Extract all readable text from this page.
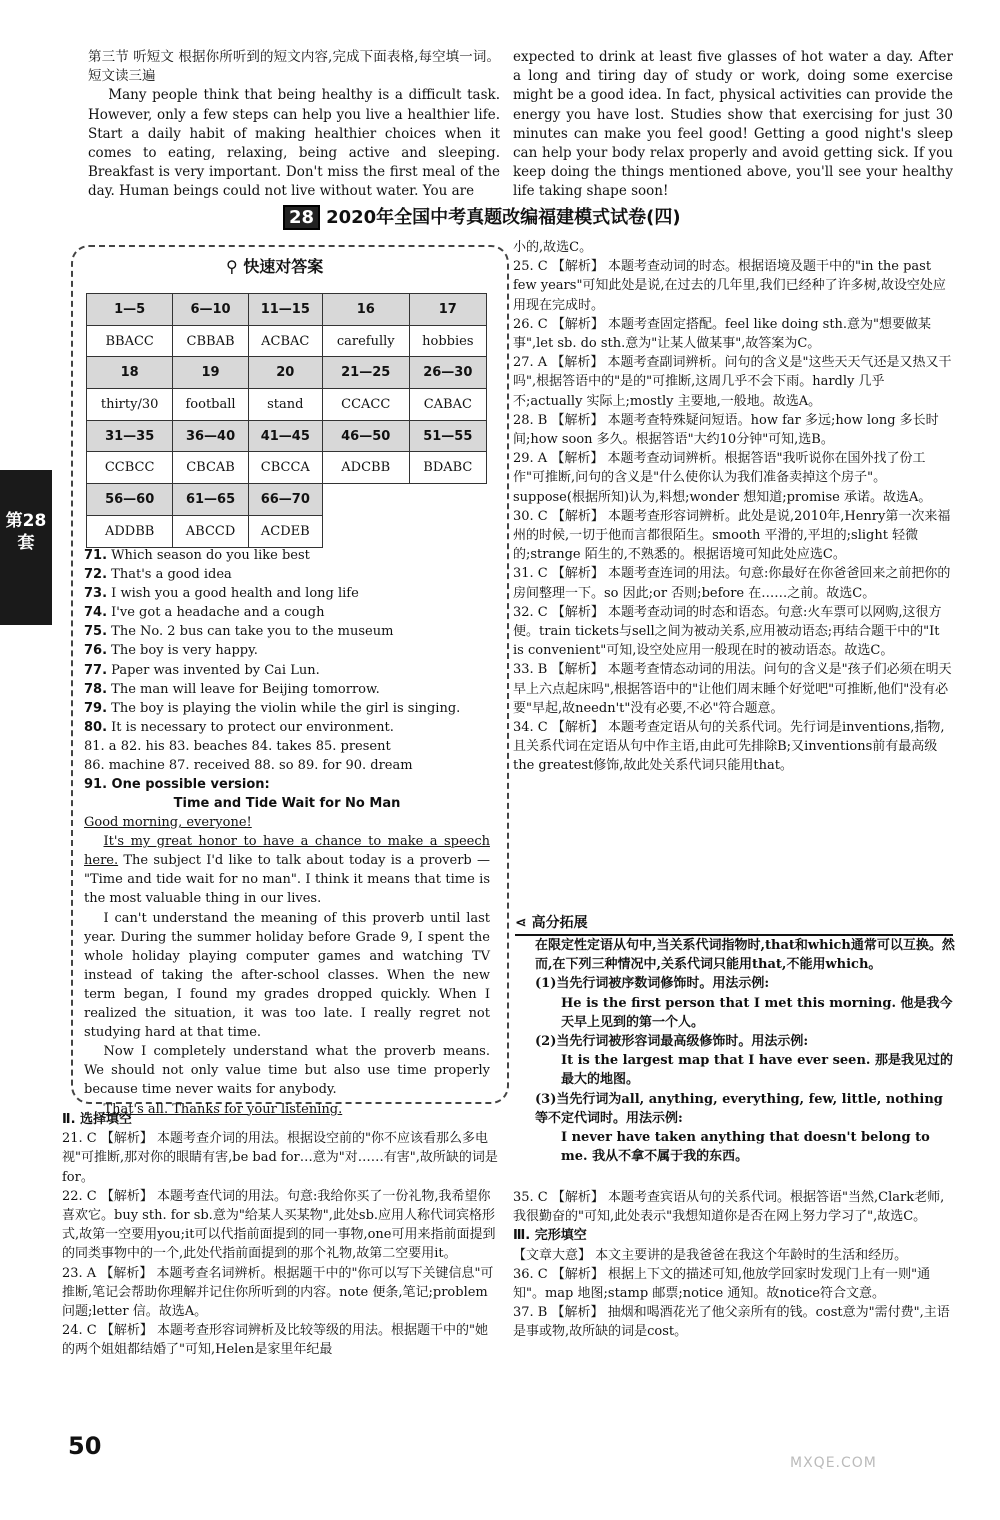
第三节 听短文 根据你所听到的短文内容,完成下面表格,每空填一词。短文读三遍
Many people think that being healthy is a difficult task. However, only a few steps can help you live a healthier life. Start a daily habit of making healthier choices when it comes to eating, relaxing, being active and sleeping. Breakfast is very important. Don't miss the first meal of the day. Human beings could not live without water. You are
expected to drink at least five glasses of hot water a day. After a long and tiring day of study or work, doing some exercise might be a good idea. In fact, physical activities can provide the energy you have lost. Studies show that exercising for just 30 minutes can make you feel good! Getting a good night's sleep can help your body relax properly and avoid getting sick. If you keep doing the things mentioned above, you'll see your healthy life taking shape soon!
28 2020年全国中考真题改编福建模式试卷(四)
⚲ 快速对答案
1—5	6—10	11—15	16	17
BBACC	CBBAB	ACBAC	carefully	hobbies
18	19	20	21—25	26—30
thirty/30	football	stand	CCACC	CABAC
31—35	36—40	41—45	46—50	51—55
CCBCC	CBCAB	CBCCA	ADCBB	BDABC
56—60	61—65	66—70		
ADDBB	ABCCD	ACDEB		
71. Which season do you like best
72. That's a good idea
73. I wish you a good health and long life
74. I've got a headache and a cough
75. The No. 2 bus can take you to the museum
76. The boy is very happy.
77. Paper was invented by Cai Lun.
78. The man will leave for Beijing tomorrow.
79. The boy is playing the violin while the girl is singing.
80. It is necessary to protect our environment.
81. a 82. his 83. beaches 84. takes 85. present
86. machine 87. received 88. so 89. for 90. dream
91. One possible version:
Time and Tide Wait for No Man
Good morning, everyone!
It's my great honor to have a chance to make a speech here. The subject I'd like to talk about today is a proverb — "Time and tide wait for no man". I think it means that time is the most valuable thing in our lives.
I can't understand the meaning of this proverb until last year. During the summer holiday before Grade 9, I spent the whole holiday playing computer games and watching TV instead of taking the after-school classes. When the new term began, I found my grades dropped quickly. When I realized the situation, it was too late. I really regret not studying hard at that time.
Now I completely understand what the proverb means. We should not only value time but also use time properly because time never waits for anybody.
That's all. Thanks for your listening.
Ⅱ. 选择填空
21. C 【解析】 本题考查介词的用法。根据设空前的"你不应该看那么多电视"可推断,那对你的眼睛有害,be bad for…意为"对……有害",故所缺的词是for。
22. C 【解析】 本题考查代词的用法。句意:我给你买了一份礼物,我希望你喜欢它。buy sth. for sb.意为"给某人买某物",此处sb.应用人称代词宾格形式,故第一空要用you;it可以代指前面提到的同一事物,one可用来指前面提到的同类事物中的一个,此处代指前面提到的那个礼物,故第二空要用it。
23. A 【解析】 本题考查名词辨析。根据题干中的"你可以写下关键信息"可推断,笔记会帮助你理解并记住你所听到的内容。note 便条,笔记;problem 问题;letter 信。故选A。
24. C 【解析】 本题考查形容词辨析及比较等级的用法。根据题干中的"她的两个姐姐都结婚了"可知,Helen是家里年纪最
小的,故选C。
25. C 【解析】 本题考查动词的时态。根据语境及题干中的"in the past few years"可知此处是说,在过去的几年里,我们已经种了许多树,故设空处应用现在完成时。
26. C 【解析】 本题考查固定搭配。feel like doing sth.意为"想要做某事",let sb. do sth.意为"让某人做某事",故答案为C。
27. A 【解析】 本题考查副词辨析。问句的含义是"这些天天气还是又热又干吗",根据答语中的"是的"可推断,这周几乎不会下雨。hardly 几乎不;actually 实际上;mostly 主要地,一般地。故选A。
28. B 【解析】 本题考查特殊疑问短语。how far 多远;how long 多长时间;how soon 多久。根据答语"大约10分钟"可知,选B。
29. A 【解析】 本题考查动词辨析。根据答语"我听说你在国外找了份工作"可推断,问句的含义是"什么使你认为我们准备卖掉这个房子"。suppose(根据所知)认为,料想;wonder 想知道;promise 承诺。故选A。
30. C 【解析】 本题考查形容词辨析。此处是说,2010年,Henry第一次来福州的时候,一切于他而言都很陌生。smooth 平滑的,平坦的;slight 轻微的;strange 陌生的,不熟悉的。根据语境可知此处应选C。
31. C 【解析】 本题考查连词的用法。句意:你最好在你爸爸回来之前把你的房间整理一下。so 因此;or 否则;before 在……之前。故选C。
32. C 【解析】 本题考查动词的时态和语态。句意:火车票可以网购,这很方便。train tickets与sell之间为被动关系,应用被动语态;再结合题干中的"It is convenient"可知,设空处应用一般现在时的被动语态。故选C。
33. B 【解析】 本题考查情态动词的用法。问句的含义是"孩子们必须在明天早上六点起床吗",根据答语中的"让他们周末睡个好觉吧"可推断,他们"没有必要"早起,故needn't"没有必要,不必"符合题意。
34. C 【解析】 本题考查定语从句的关系代词。先行词是inventions,指物,且关系代词在定语从句中作主语,由此可先排除B;又inventions前有最高级the greatest修饰,故此处关系代词只能用that。
⋖ 高分拓展
在限定性定语从句中,当关系代词指物时,that和which通常可以互换。然而,在下列三种情况中,关系代词只能用that,不能用which。
(1)当先行词被序数词修饰时。用法示例:
He is the first person that I met this morning. 他是我今天早上见到的第一个人。
(2)当先行词被形容词最高级修饰时。用法示例:
It is the largest map that I have ever seen. 那是我见过的最大的地图。
(3)当先行词为all, anything, everything, few, little, nothing等不定代词时。用法示例:
I never have taken anything that doesn't belong to me. 我从不拿不属于我的东西。
35. C 【解析】 本题考查宾语从句的关系代词。根据答语"当然,Clark老师,我很勤奋的"可知,此处表示"我想知道你是否在网上努力学习了",故选C。
Ⅲ. 完形填空
【文章大意】 本文主要讲的是我爸爸在我这个年龄时的生活和经历。
36. C 【解析】 根据上下文的描述可知,他放学回家时发现门上有一则"通知"。map 地图;stamp 邮票;notice 通知。故notice符合文意。
37. B 【解析】 抽烟和喝酒花光了他父亲所有的钱。cost意为"需付费",主语是事或物,故所缺的词是cost。
第28套
50
MXQE.COM
